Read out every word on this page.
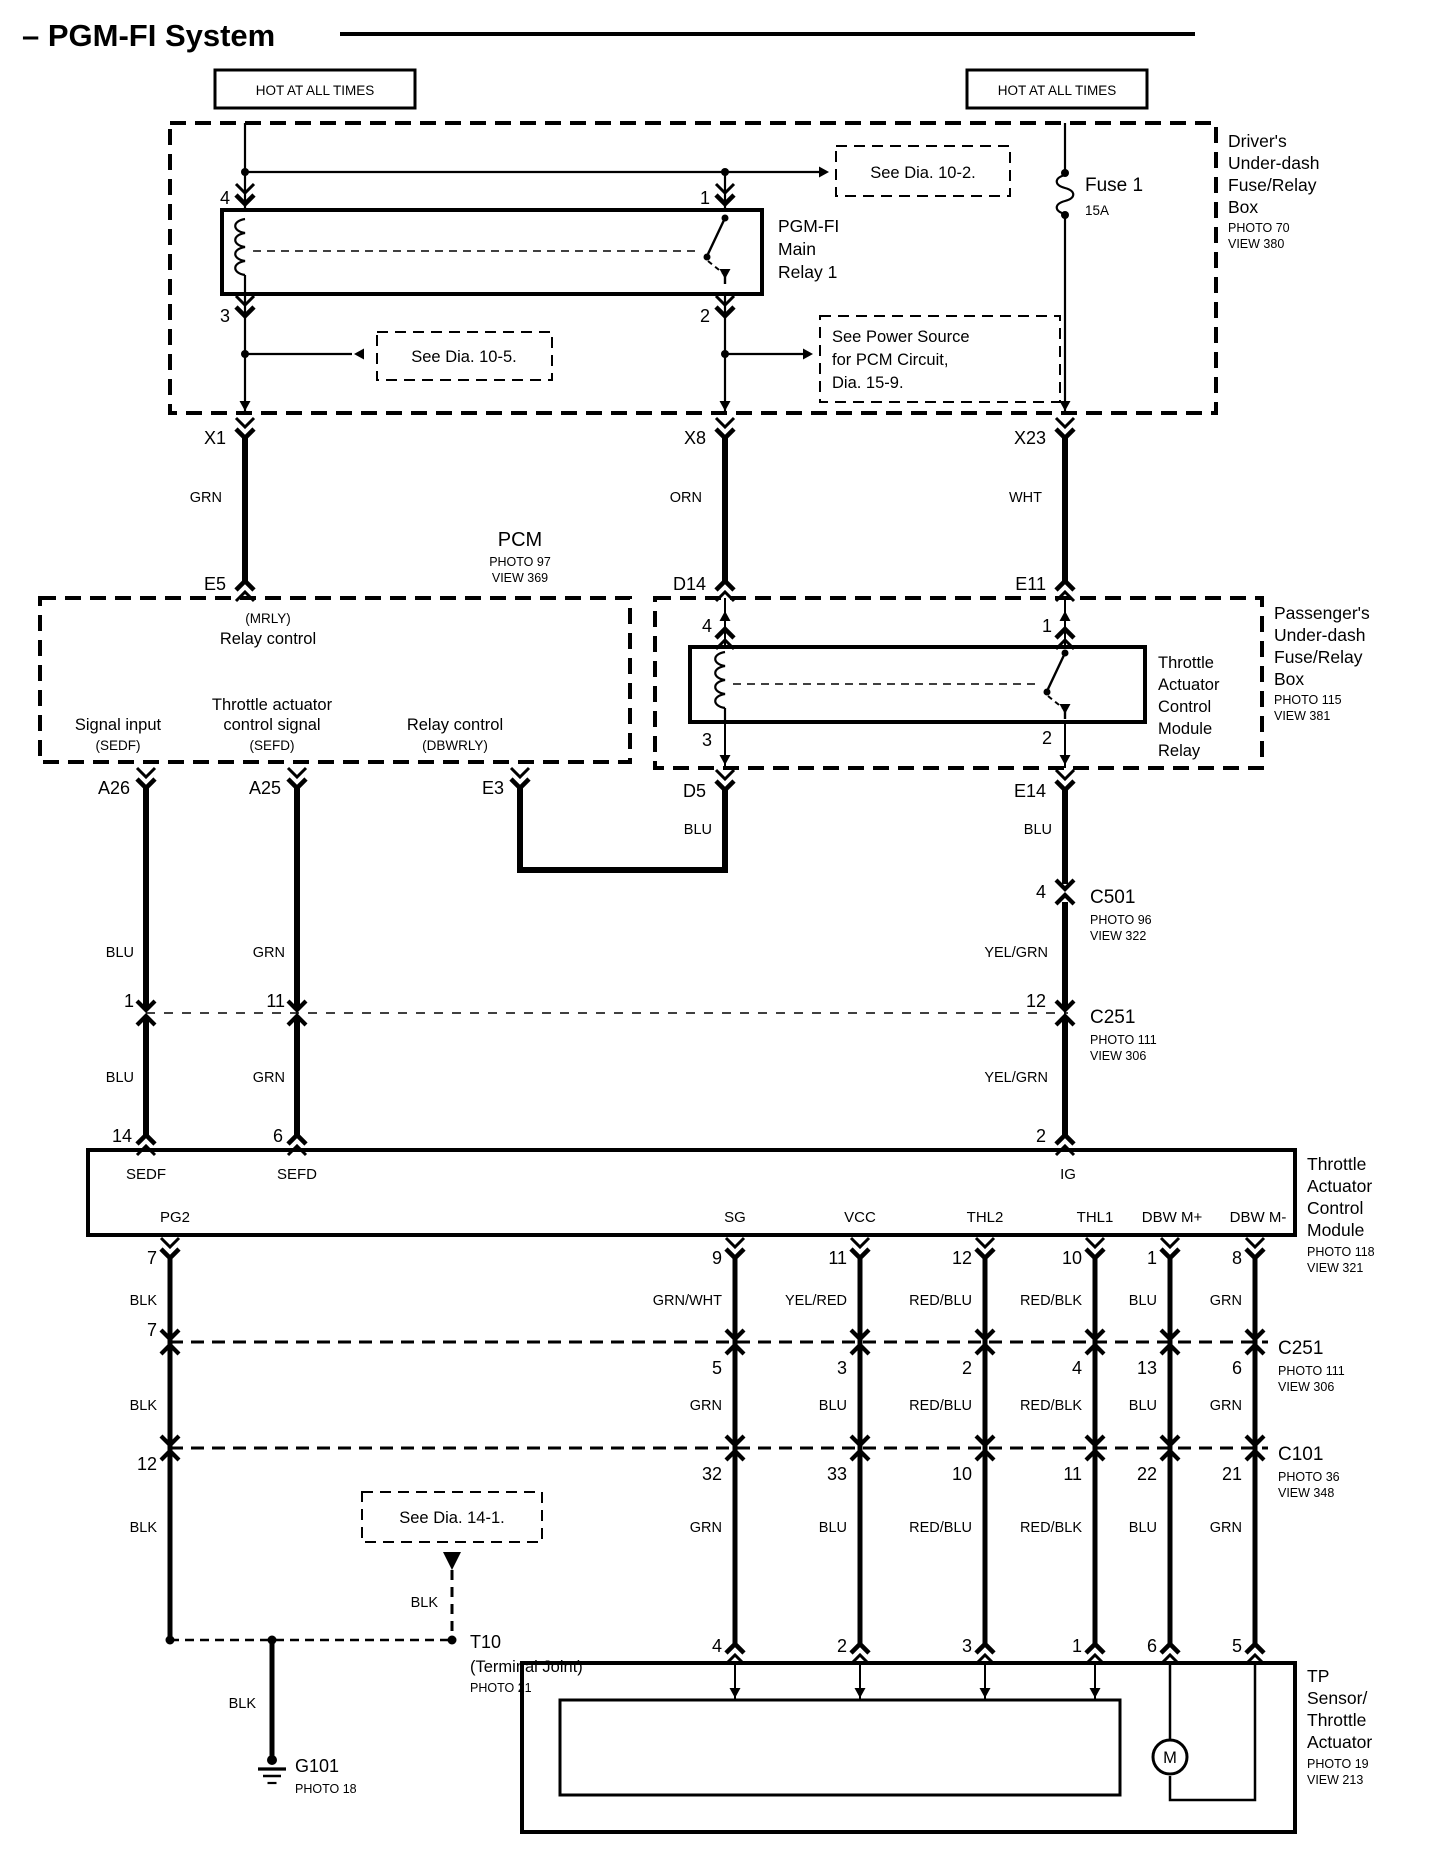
– PGM-FI System
HOT AT ALL TIMES	HOT AT ALL TIMES
See Dia. 10-2.
4	1
PGM-FI
Main
Relay 1
3	2
See Dia. 10-5.
See Power Source
for PCM Circuit,
Dia. 15-9.
Fuse 1
15A
Driver's
Under-dash
Fuse/Relay
Box
PHOTO 70
VIEW 380
X1	X8	X23
GRN	ORN	WHT
PCM
PHOTO 97
VIEW 369
E5	D14	E11
(MRLY)
Relay control
Signal input
(SEDF)
Throttle actuator
control signal
(SEFD)
Relay control
(DBWRLY)
A26	A25	E3
4	1
Throttle
Actuator
Control
Module
Relay
3	2
Passenger's
Under-dash
Fuse/Relay
Box
PHOTO 115
VIEW 381
D5	E14
BLU	BLU
4 C501
PHOTO 96
VIEW 322
BLU	GRN	YEL/GRN
1	11	12
C251
PHOTO 111
VIEW 306
BLU	GRN	YEL/GRN
14	6	2
SEDF	SEFD	IG
PG2	SG	VCC	THL2	THL1 DBW M+ DBW M-
Throttle
Actuator
Control
Module
PHOTO 118
VIEW 321
7	9	11	12	10	1	8
BLK	GRN/WHT	YEL/RED	RED/BLU	RED/BLK	BLU	GRN
7
5	3	2	4	13	6
C251
PHOTO 111
VIEW 306
BLK	GRN	BLU	RED/BLU	RED/BLK	BLU	GRN
12	32	33	10	11	22	21
C101
PHOTO 36
VIEW 348
BLK	GRN	BLU	RED/BLU	RED/BLK	BLU	GRN
See Dia. 14-1.
BLK
T10
(Terminal Joint)
PHOTO 21
BLK
G101
PHOTO 18
4	2	3	1	6	5
M
TP
Sensor/
Throttle
Actuator
PHOTO 19
VIEW 213
